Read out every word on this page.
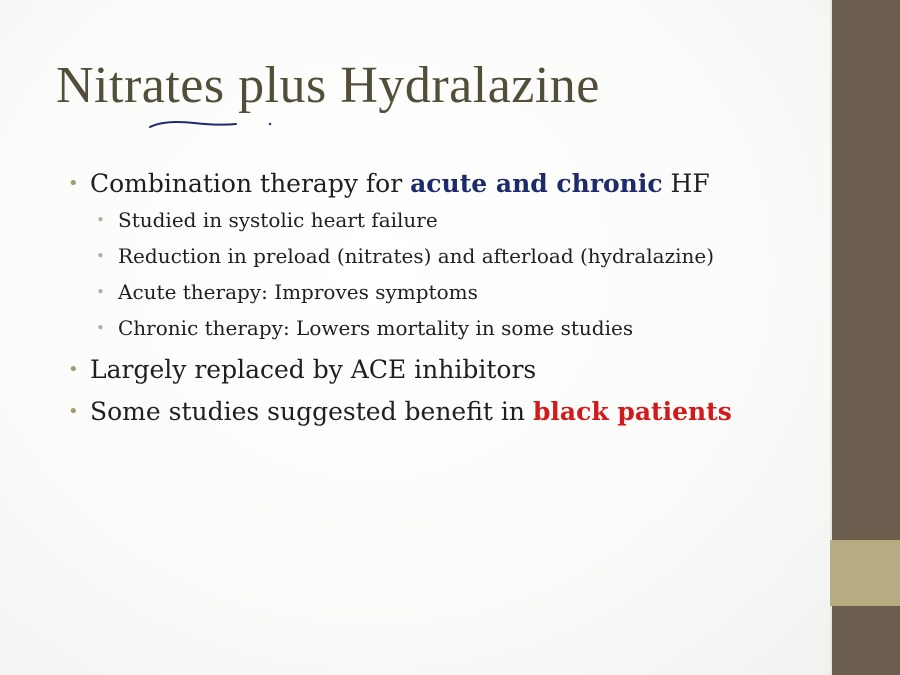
Nitrates plus Hydralazine
• Combination therapy for acute and chronic HF
• Studied in systolic heart failure
• Reduction in preload (nitrates) and afterload (hydralazine)
• Acute therapy: Improves symptoms
• Chronic therapy: Lowers mortality in some studies
• Largely replaced by ACE inhibitors
• Some studies suggested benefit in black patients
